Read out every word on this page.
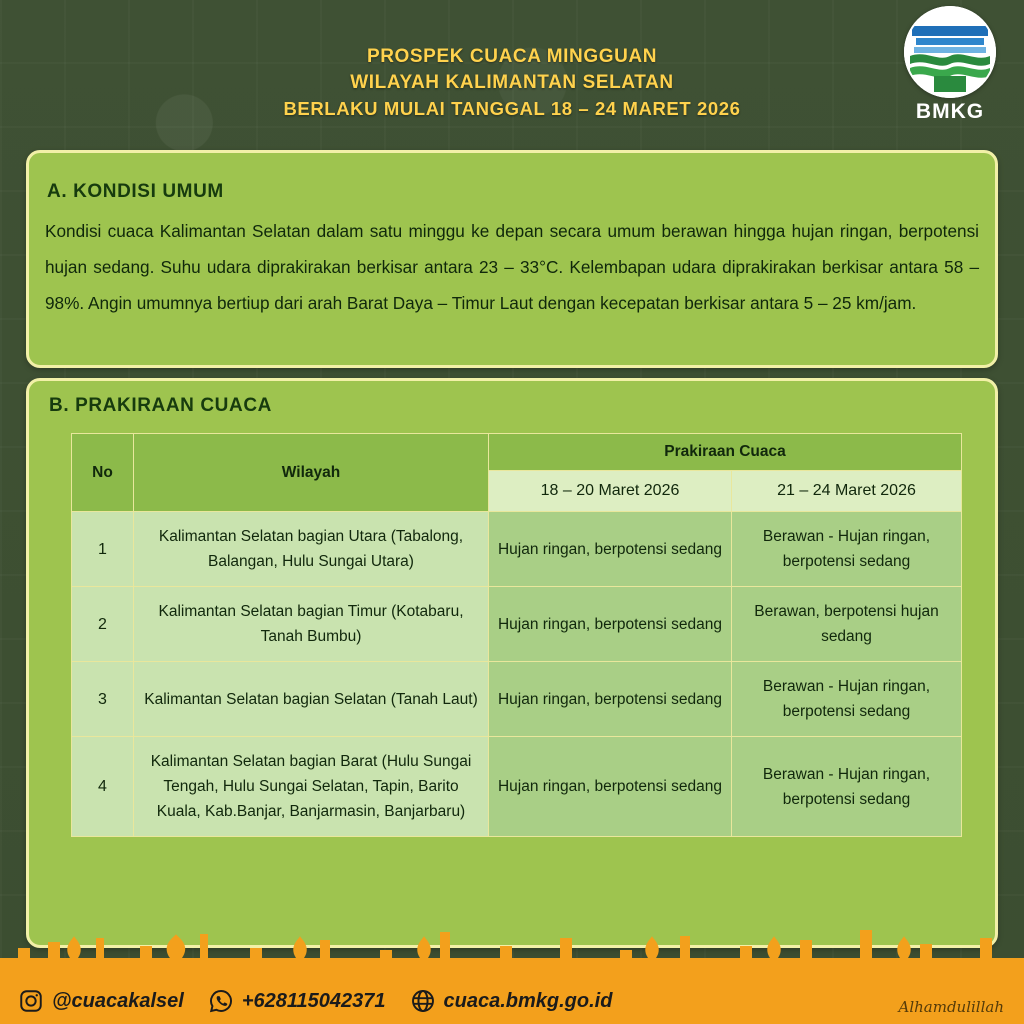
PROSPEK CUACA MINGGUAN
WILAYAH KALIMANTAN SELATAN
BERLAKU MULAI TANGGAL 18 – 24 MARET 2026	BMKG
A. KONDISI UMUM
Kondisi cuaca Kalimantan Selatan dalam satu minggu ke depan secara umum berawan hingga hujan ringan, berpotensi hujan sedang. Suhu udara diprakirakan berkisar antara 23 – 33°C. Kelembapan udara diprakirakan berkisar antara 58 – 98%. Angin umumnya bertiup dari arah Barat Daya – Timur Laut dengan kecepatan berkisar antara 5 – 25 km/jam.
B. PRAKIRAAN CUACA
No	Wilayah	Prakiraan Cuaca	
		18 – 20 Maret 2026	21 – 24 Maret 2026
1	Kalimantan Selatan bagian Utara (Tabalong, Balangan, Hulu Sungai Utara)	Hujan ringan, berpotensi sedang	Berawan - Hujan ringan, berpotensi sedang
2	Kalimantan Selatan bagian Timur (Kotabaru, Tanah Bumbu)	Hujan ringan, berpotensi sedang	Berawan, berpotensi hujan sedang
3	Kalimantan Selatan bagian Selatan (Tanah Laut)	Hujan ringan, berpotensi sedang	Berawan - Hujan ringan, berpotensi sedang
4	Kalimantan Selatan bagian Barat (Hulu Sungai Tengah, Hulu Sungai Selatan, Tapin, Barito Kuala, Kab.Banjar, Banjarmasin, Banjarbaru)	Hujan ringan, berpotensi sedang	Berawan - Hujan ringan, berpotensi sedang
@cuacakalsel	+628115042371	cuaca.bmkg.go.id	Alhamdulillah
